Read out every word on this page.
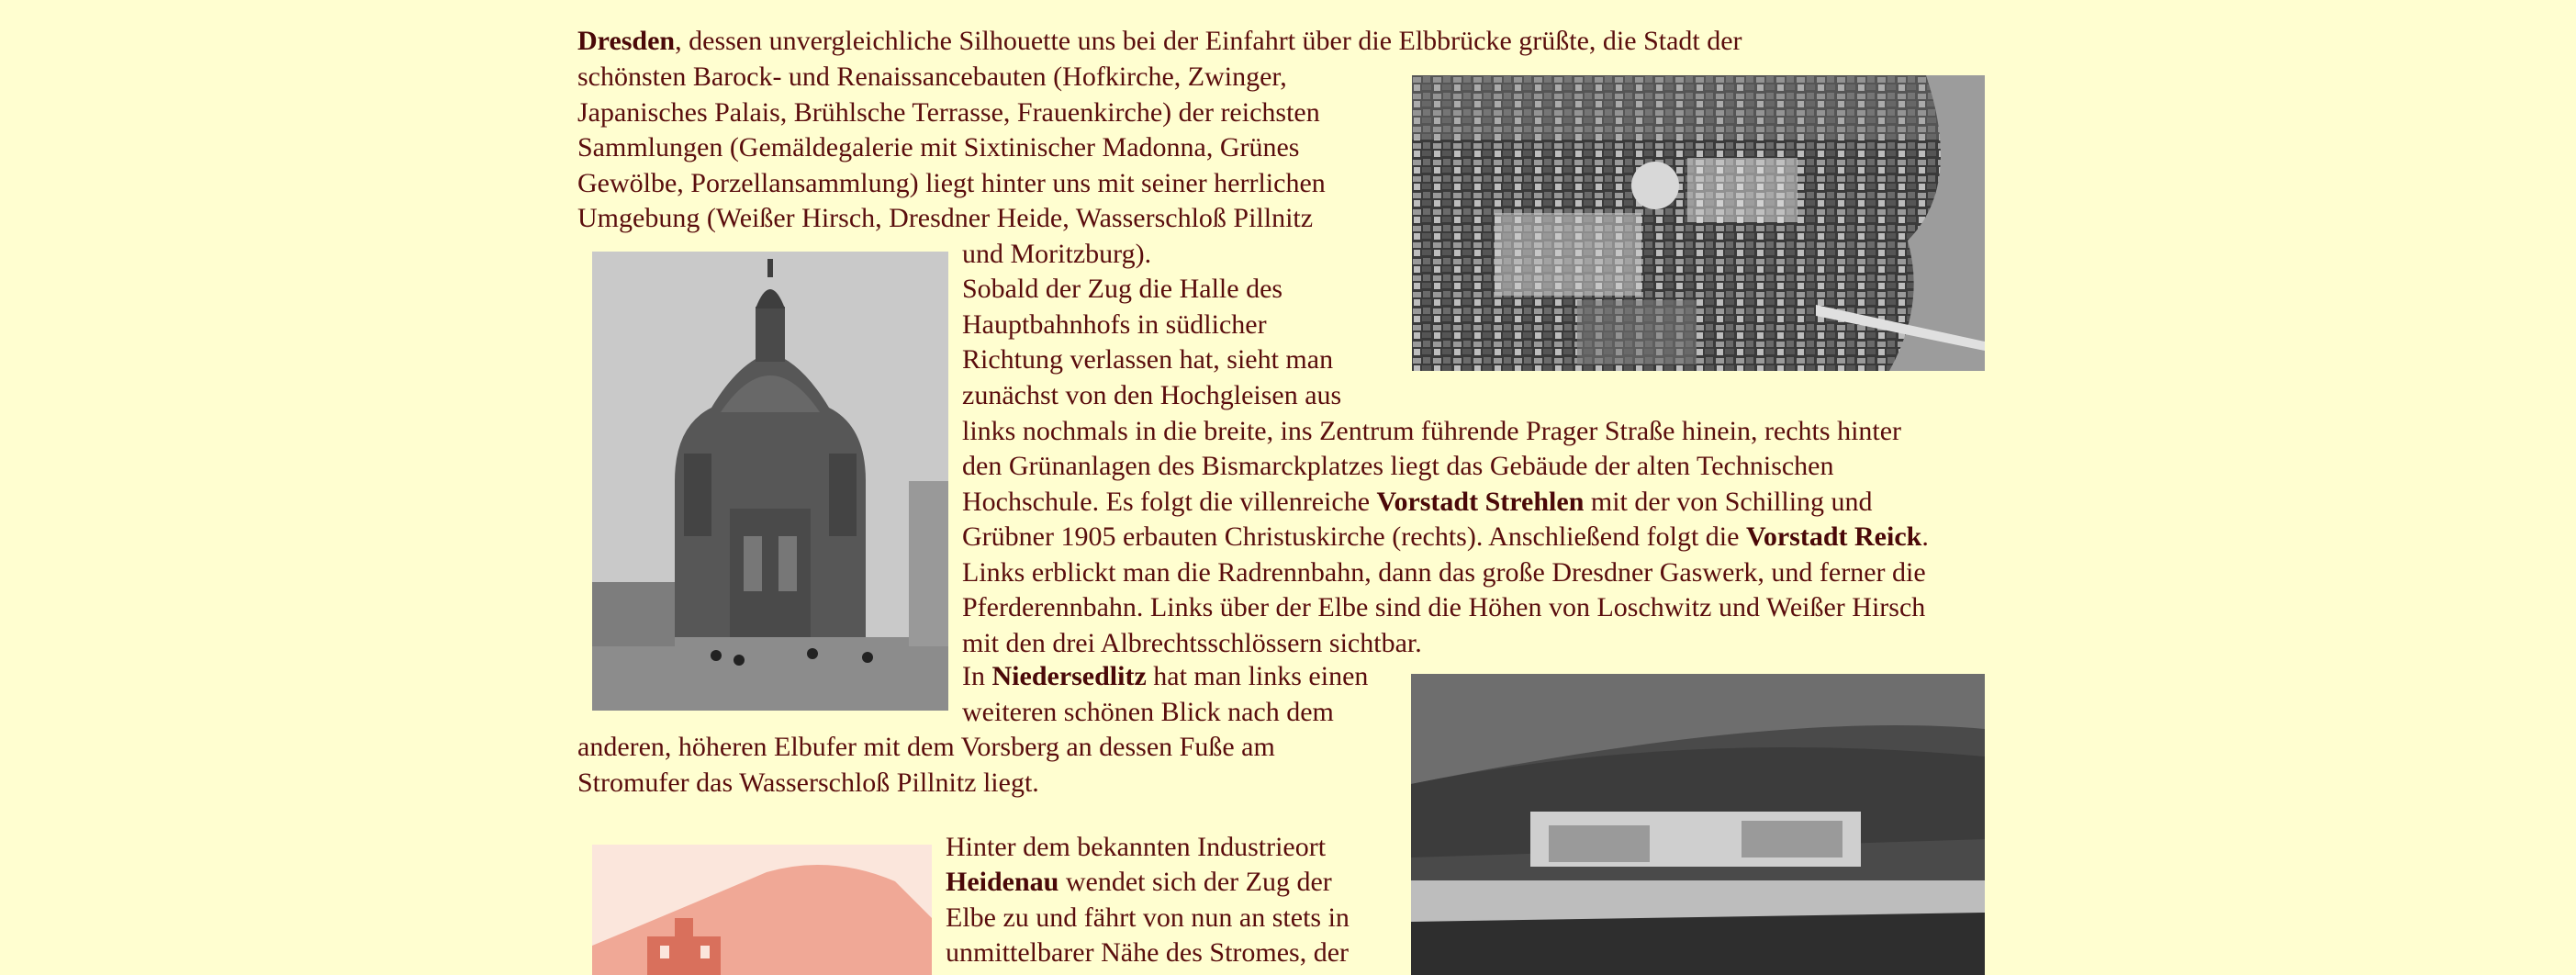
Dresden, dessen unvergleichliche Silhouette uns bei der Einfahrt über die Elbbrücke grüßte, die Stadt der

schönsten Barock- und Renaissancebauten (Hofkirche, Zwinger,

Japanisches Palais, Brühlsche Terrasse, Frauenkirche) der reichsten

Sammlungen (Gemäldegalerie mit Sixtinischer Madonna, Grünes

Gewölbe, Porzellansammlung) liegt hinter uns mit seiner herrlichen

Umgebung (Weißer Hirsch, Dresdner Heide, Wasserschloß Pillnitz

und Moritzburg).

Sobald der Zug die Halle des

Hauptbahnhofs in südlicher

Richtung verlassen hat, sieht man

zunächst von den Hochgleisen aus

links nochmals in die breite, ins Zentrum führende Prager Straße hinein, rechts hinter

den Grünanlagen des Bismarckplatzes liegt das Gebäude der alten Technischen

Hochschule. Es folgt die villenreiche Vorstadt Strehlen mit der von Schilling und

Grübner 1905 erbauten Christuskirche (rechts). Anschließend folgt die Vorstadt Reick.

Links erblickt man die Radrennbahn, dann das große Dresdner Gaswerk, und ferner die

Pferderennbahn. Links über der Elbe sind die Höhen von Loschwitz und Weißer Hirsch

mit den drei Albrechtsschlössern sichtbar.

In Niedersedlitz hat man links einen

weiteren schönen Blick nach dem

anderen, höheren Elbufer mit dem Vorsberg an dessen Fuße am

Stromufer das Wasserschloß Pillnitz liegt.

Hinter dem bekannten Industrieort

Heidenau wendet sich der Zug der

Elbe zu und fährt von nun an stets in

unmittelbarer Nähe des Stromes, der
